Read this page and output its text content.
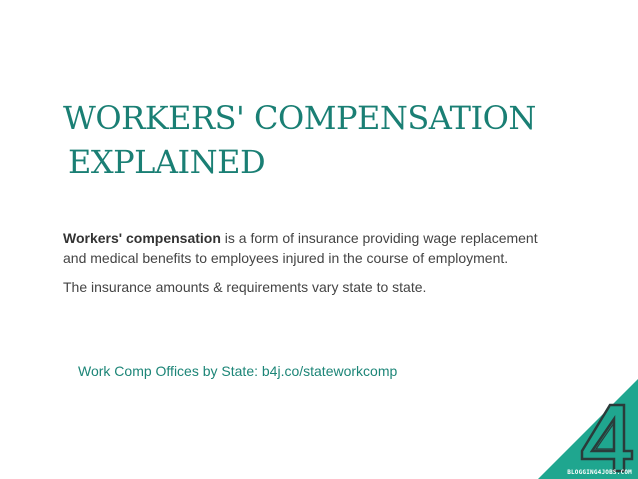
WORKERS' COMPENSATION
EXPLAINED

Workers' compensation is a form of insurance providing wage replacement and medical benefits to employees injured in the course of employment.

The insurance amounts & requirements vary state to state.

Work Comp Offices by State: b4j.co/stateworkcomp
BLOGGING4JOBS.COM
